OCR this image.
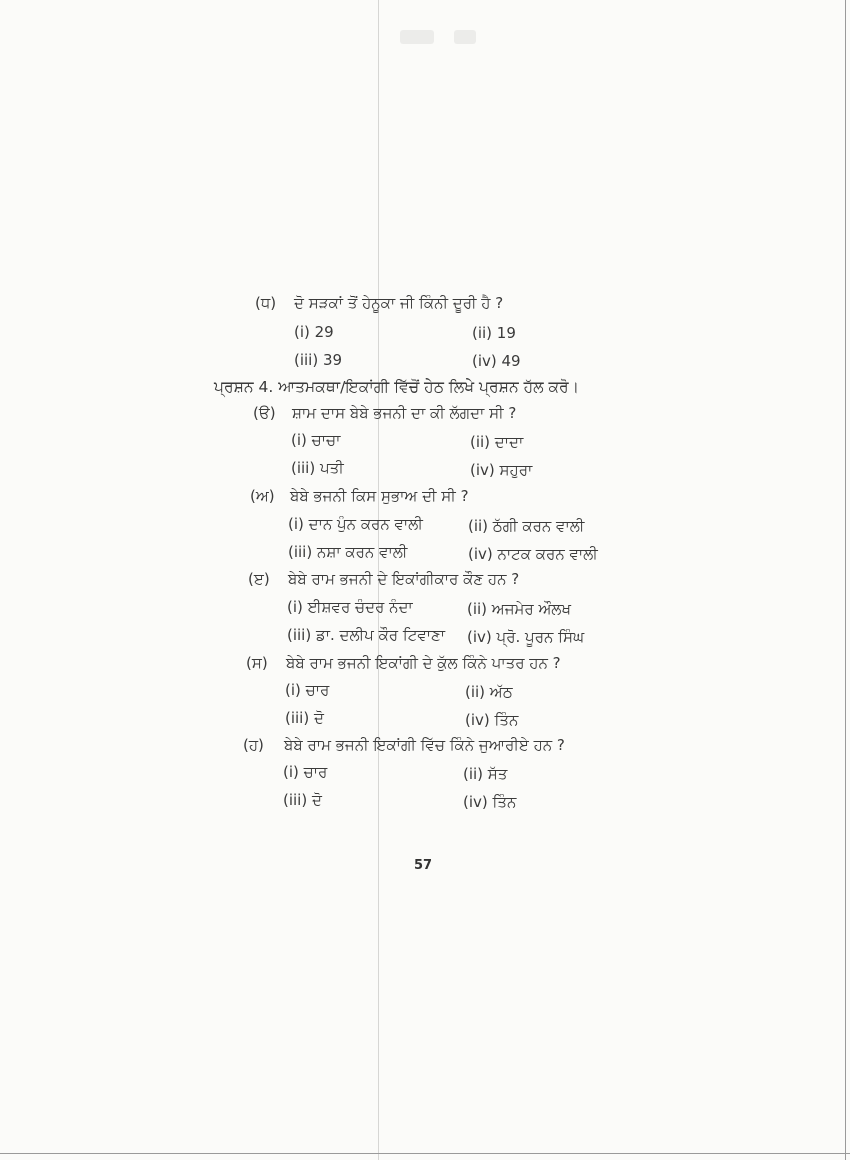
(ਧ) ਦੋ ਸੜਕਾਂ ਤੋਂ ਹੇਨੂਕਾ ਜੀ ਕਿੰਨੀ ਦੂਰੀ ਹੈ ?
(i) 29	(ii) 19
(iii) 39	(iv) 49
ਪ੍ਰਸ਼ਨ 4. ਆਤਮਕਥਾ/ਇਕਾਂਗੀ ਵਿੱਚੋਂ ਹੇਠ ਲਿਖੇ ਪ੍ਰਸ਼ਨ ਹੱਲ ਕਰੋ।
(ੳ) ਸ਼ਾਮ ਦਾਸ ਬੇਬੇ ਭਜਨੀ ਦਾ ਕੀ ਲੱਗਦਾ ਸੀ ?
(i) ਚਾਚਾ	(ii) ਦਾਦਾ
(iii) ਪਤੀ	(iv) ਸਹੁਰਾ
(ਅ) ਬੇਬੇ ਭਜਨੀ ਕਿਸ ਸੁਭਾਅ ਦੀ ਸੀ ?
(i) ਦਾਨ ਪੁੰਨ ਕਰਨ ਵਾਲੀ	(ii) ਠੱਗੀ ਕਰਨ ਵਾਲੀ
(iii) ਨਸ਼ਾ ਕਰਨ ਵਾਲੀ	(iv) ਨਾਟਕ ਕਰਨ ਵਾਲੀ
(ੲ) ਬੇਬੇ ਰਾਮ ਭਜਨੀ ਦੇ ਇਕਾਂਗੀਕਾਰ ਕੌਣ ਹਨ ?
(i) ਈਸ਼ਵਰ ਚੰਦਰ ਨੰਦਾ	(ii) ਅਜਮੇਰ ਔਲਖ
(iii) ਡਾ. ਦਲੀਪ ਕੌਰ ਟਿਵਾਣਾ (iv) ਪ੍ਰੋ. ਪੂਰਨ ਸਿੰਘ
(ਸ) ਬੇਬੇ ਰਾਮ ਭਜਨੀ ਇਕਾਂਗੀ ਦੇ ਕੁੱਲ ਕਿੰਨੇ ਪਾਤਰ ਹਨ ?
(i) ਚਾਰ	(ii) ਅੱਠ
(iii) ਦੋ	(iv) ਤਿੰਨ
(ਹ) ਬੇਬੇ ਰਾਮ ਭਜਨੀ ਇਕਾਂਗੀ ਵਿੱਚ ਕਿੰਨੇ ਜੁਆਰੀਏ ਹਨ ?
(i) ਚਾਰ	(ii) ਸੱਤ
(iii) ਦੋ	(iv) ਤਿੰਨ
57
